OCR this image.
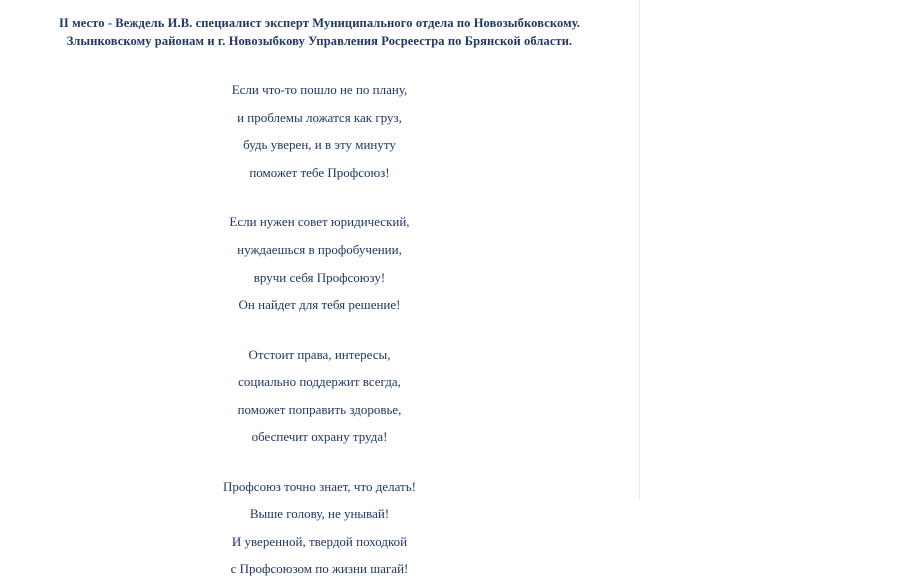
II место - Веждель И.В. специалист эксперт Муниципального отдела по Новозыбковскому. Злынковскому районам и г. Новозыбкову Управления Росреестра по Брянской области.
Если что-то пошло не по плану,
и проблемы ложатся как груз,
будь уверен, и в эту минуту
поможет тебе Профсоюз!
Если нужен совет юридический,
нуждаешься в профобучении,
вручи себя Профсоюзу!
Он найдет для тебя решение!
Отстоит права, интересы,
социально поддержит всегда,
поможет поправить здоровье,
обеспечит охрану труда!
Профсоюз точно знает, что делать!
Выше голову, не унывай!
И уверенной, твердой походкой
с Профсоюзом по жизни шагай!
